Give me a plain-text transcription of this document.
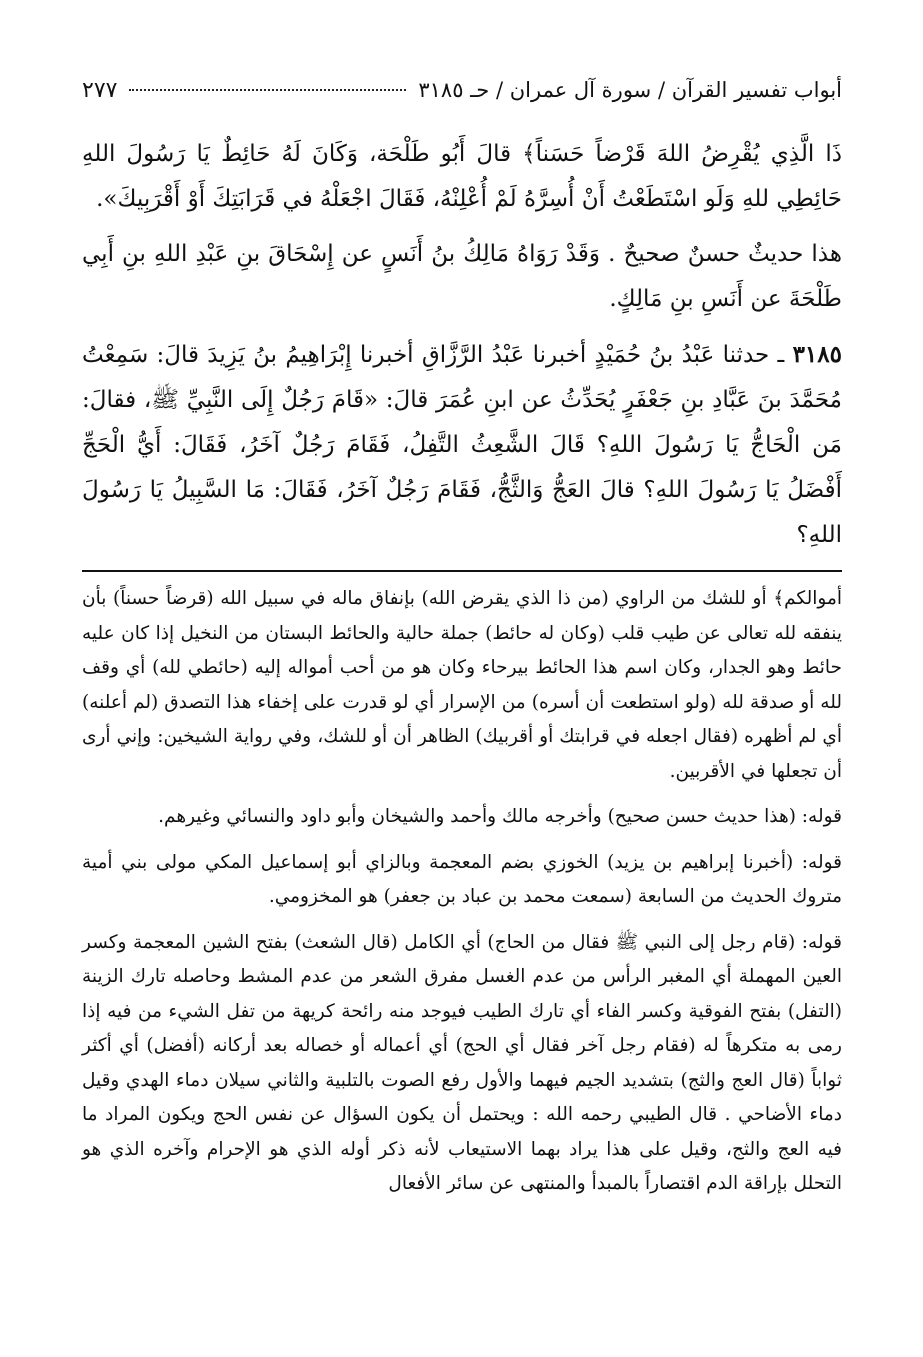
أبواب تفسير القرآن / سورة آل عمران / حـ ٣١٨٥
٢٧٧

ذَا الَّذِي يُقْرِضُ اللهَ قَرْضاً حَسَناً﴾ قالَ أَبُو طَلْحَة، وَكَانَ لَهُ حَائِطٌ يَا رَسُولَ اللهِ حَائِطِي للهِ وَلَو اسْتَطَعْتُ أَنْ أُسِرَّهُ لَمْ أُعْلِنْهُ، فَقَالَ اجْعَلْهُ في قَرَابَتِكَ أَوْ أَقْرَبِيكَ».

هذا حديثٌ حسنٌ صحيحٌ . وَقَدْ رَوَاهُ مَالِكُ بنُ أَنَسٍ عن إِسْحَاقَ بنِ عَبْدِ اللهِ بنِ أَبِي طَلْحَةَ عن أَنَسِ بنِ مَالِكٍ.

٣١٨٥ ـ حدثنا عَبْدُ بنُ حُمَيْدٍ أخبرنا عَبْدُ الرَّزَّاقِ أخبرنا إِبْرَاهِيمُ بنُ يَزِيدَ قالَ: سَمِعْتُ مُحَمَّدَ بنَ عَبَّادِ بنِ جَعْفَرٍ يُحَدِّثُ عن ابنِ عُمَرَ قالَ: «قَامَ رَجُلٌ إِلَى النَّبِيِّ ﷺ، فقالَ: مَن الْحَاجُّ يَا رَسُولَ اللهِ؟ قَالَ الشَّعِثُ التَّفِلُ، فَقَامَ رَجُلٌ آخَرُ، فَقَالَ: أَيُّ الْحَجِّ أَفْضَلُ يَا رَسُولَ اللهِ؟ قالَ العَجُّ وَالثَّجُّ، فَقَامَ رَجُلٌ آخَرُ، فَقَالَ: مَا السَّبِيلُ يَا رَسُولَ اللهِ؟

أموالكم﴾ أو للشك من الراوي (من ذا الذي يقرض الله) بإنفاق ماله في سبيل الله (قرضاً حسناً) بأن ينفقه لله تعالى عن طيب قلب (وكان له حائط) جملة حالية والحائط البستان من النخيل إذا كان عليه حائط وهو الجدار، وكان اسم هذا الحائط بيرحاء وكان هو من أحب أمواله إليه (حائطي لله) أي وقف لله أو صدقة لله (ولو استطعت أن أسره) من الإسرار أي لو قدرت على إخفاء هذا التصدق (لم أعلنه) أي لم أظهره (فقال اجعله في قرابتك أو أقربيك) الظاهر أن أو للشك، وفي رواية الشيخين: وإني أرى أن تجعلها في الأقربين.

قوله: (هذا حديث حسن صحيح) وأخرجه مالك وأحمد والشيخان وأبو داود والنسائي وغيرهم.

قوله: (أخبرنا إبراهيم بن يزيد) الخوزي بضم المعجمة وبالزاي أبو إسماعيل المكي مولى بني أمية متروك الحديث من السابعة (سمعت محمد بن عباد بن جعفر) هو المخزومي.

قوله: (قام رجل إلى النبي ﷺ فقال من الحاج) أي الكامل (قال الشعث) بفتح الشين المعجمة وكسر العين المهملة أي المغبر الرأس من عدم الغسل مفرق الشعر من عدم المشط وحاصله تارك الزينة (التفل) بفتح الفوقية وكسر الفاء أي تارك الطيب فيوجد منه رائحة كريهة من تفل الشيء من فيه إذا رمى به متكرهاً له (فقام رجل آخر فقال أي الحج) أي أعماله أو خصاله بعد أركانه (أفضل) أي أكثر ثواباً (قال العج والثج) بتشديد الجيم فيهما والأول رفع الصوت بالتلبية والثاني سيلان دماء الهدي وقيل دماء الأضاحي . قال الطيبي رحمه الله : ويحتمل أن يكون السؤال عن نفس الحج ويكون المراد ما فيه العج والثج، وقيل على هذا يراد بهما الاستيعاب لأنه ذكر أوله الذي هو الإحرام وآخره الذي هو التحلل بإراقة الدم اقتصاراً بالمبدأ والمنتهى عن سائر الأفعال
